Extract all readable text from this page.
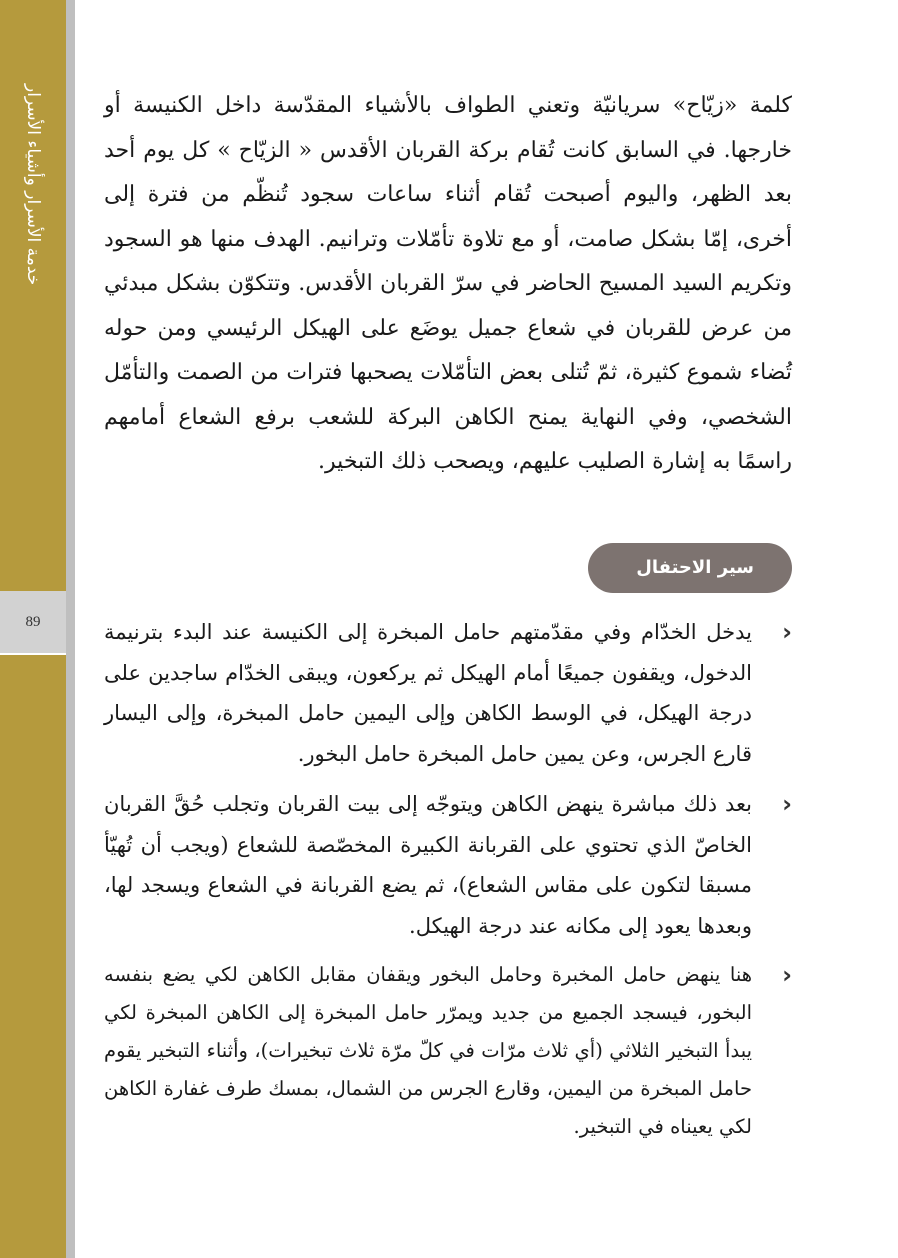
خدمة الأسرار وأشياء الأسرار
89

كلمة «زيّاح» سريانيّة وتعني الطواف بالأشياء المقدّسة داخل الكنيسة أو خارجها. في السابق كانت تُقام بركة القربان الأقدس « الزيّاح » كل يوم أحد بعد الظهر، واليوم أصبحت تُقام أثناء ساعات سجود تُنظّم من فترة إلى أخرى، إمّا بشكل صامت، أو مع تلاوة تأمّلات وترانيم. الهدف منها هو السجود وتكريم السيد المسيح الحاضر في سرّ القربان الأقدس. وتتكوّن بشكل مبدئي من عرض للقربان في شعاع جميل يوضَع على الهيكل الرئيسي ومن حوله تُضاء شموع كثيرة، ثمّ تُتلى بعض التأمّلات يصحبها فترات من الصمت والتأمّل الشخصي، وفي النهاية يمنح الكاهن البركة للشعب برفع الشعاع أمامهم راسمًا به إشارة الصليب عليهم، ويصحب ذلك التبخير.

سير الاحتفال
‹
يدخل الخدّام وفي مقدّمتهم حامل المبخرة إلى الكنيسة عند البدء بترنيمة الدخول، ويقفون جميعًا أمام الهيكل ثم يركعون، ويبقى الخدّام ساجدين على درجة الهيكل، في الوسط الكاهن وإلى اليمين حامل المبخرة، وإلى اليسار قارع الجرس، وعن يمين حامل المبخرة حامل البخور.
‹
بعد ذلك مباشرة ينهض الكاهن ويتوجّه إلى بيت القربان وتجلب حُقَّ القربان الخاصّ الذي تحتوي على القربانة الكبيرة المخصّصة للشعاع (ويجب أن تُهيّأ مسبقا لتكون على مقاس الشعاع)، ثم يضع القربانة في الشعاع ويسجد لها، وبعدها يعود إلى مكانه عند درجة الهيكل.
‹
هنا ينهض حامل المخبرة وحامل البخور ويقفان مقابل الكاهن لكي يضع بنفسه البخور، فيسجد الجميع من جديد ويمرّر حامل المبخرة إلى الكاهن المبخرة لكي يبدأ التبخير الثلاثي (أي ثلاث مرّات في كلّ مرّة ثلاث تبخيرات)، وأثناء التبخير يقوم حامل المبخرة من اليمين، وقارع الجرس من الشمال، بمسك طرف غفارة الكاهن لكي يعيناه في التبخير.
